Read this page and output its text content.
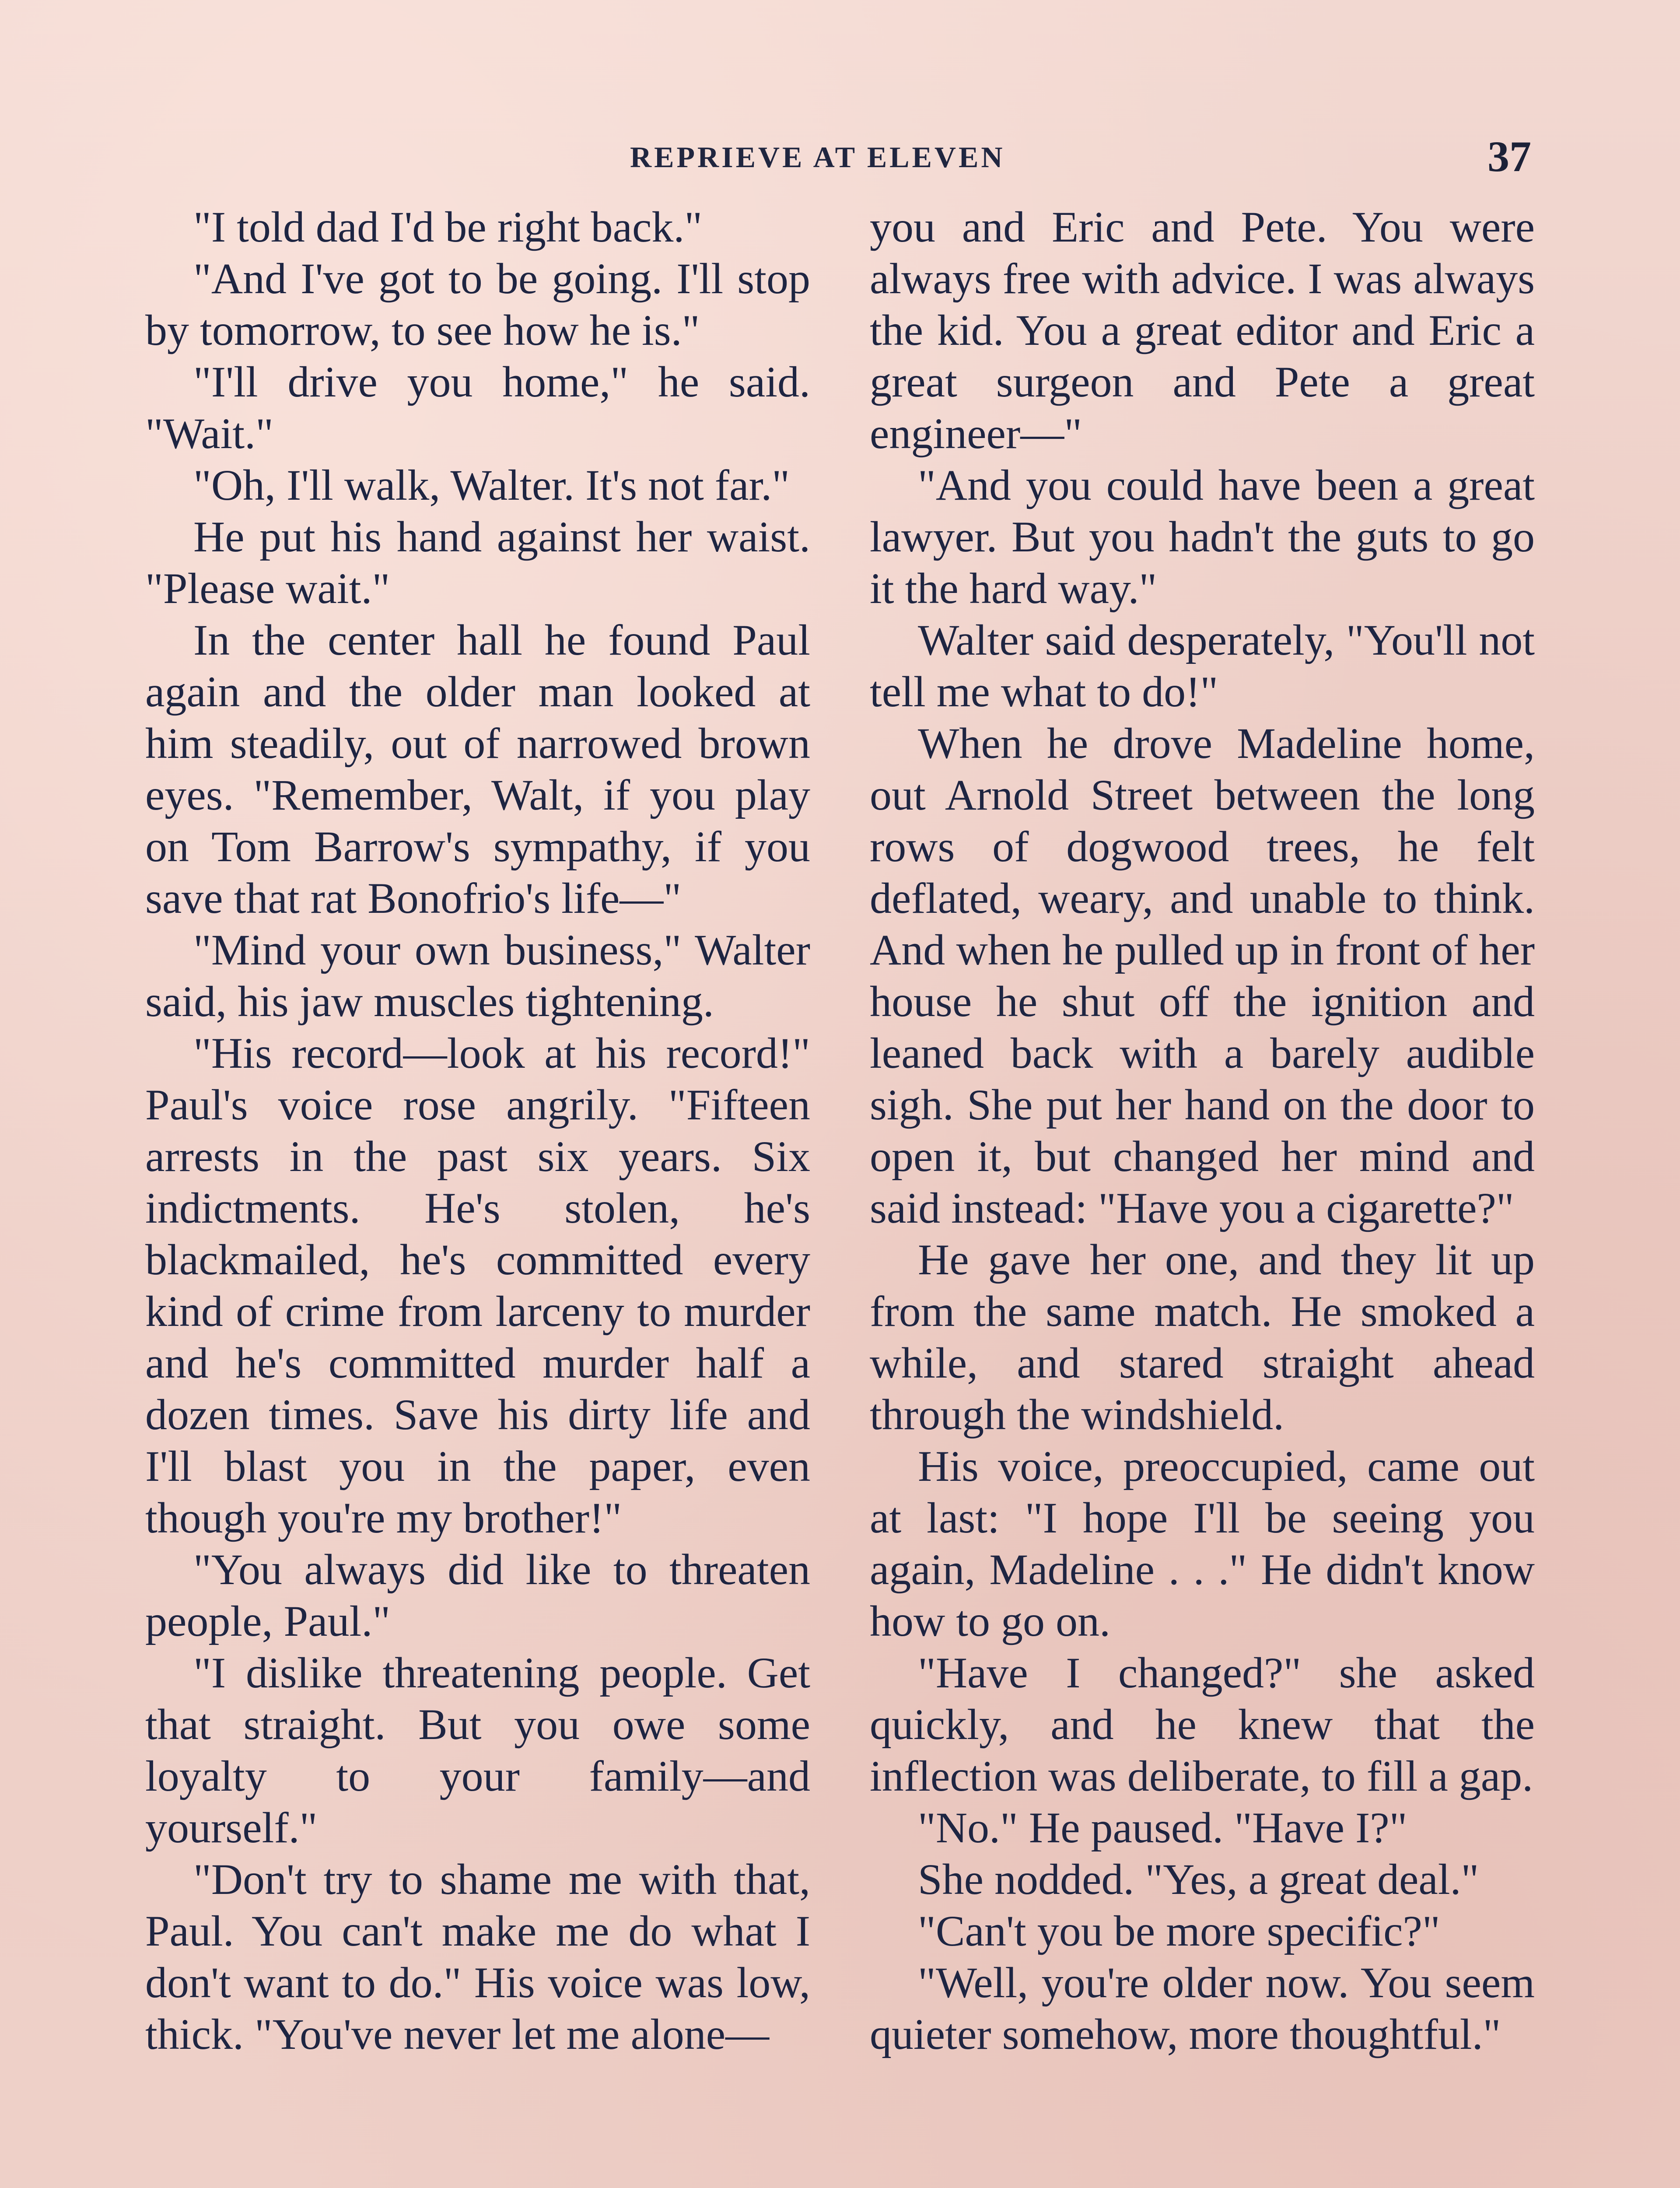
REPRIEVE AT ELEVEN	37

"I told dad I'd be right back."

"And I've got to be going. I'll stop by tomorrow, to see how he is."

"I'll drive you home," he said. "Wait."

"Oh, I'll walk, Walter. It's not far."

He put his hand against her waist. "Please wait."

In the center hall he found Paul again and the older man looked at him steadily, out of narrowed brown eyes. "Remember, Walt, if you play on Tom Barrow's sympathy, if you save that rat Bonofrio's life—"

"Mind your own business," Walter said, his jaw muscles tightening.

"His record—look at his record!" Paul's voice rose angrily. "Fifteen arrests in the past six years. Six indictments. He's stolen, he's blackmailed, he's committed every kind of crime from larceny to murder and he's committed murder half a dozen times. Save his dirty life and I'll blast you in the paper, even though you're my brother!"

"You always did like to threaten people, Paul."

"I dislike threatening people. Get that straight. But you owe some loyalty to your family—and yourself."

"Don't try to shame me with that, Paul. You can't make me do what I don't want to do." His voice was low, thick. "You've never let me alone—

you and Eric and Pete. You were always free with advice. I was always the kid. You a great editor and Eric a great surgeon and Pete a great engineer—"

"And you could have been a great lawyer. But you hadn't the guts to go it the hard way."

Walter said desperately, "You'll not tell me what to do!"

When he drove Madeline home, out Arnold Street between the long rows of dogwood trees, he felt deflated, weary, and unable to think. And when he pulled up in front of her house he shut off the ignition and leaned back with a barely audible sigh. She put her hand on the door to open it, but changed her mind and said instead: "Have you a cigarette?"

He gave her one, and they lit up from the same match. He smoked a while, and stared straight ahead through the windshield.

His voice, preoccupied, came out at last: "I hope I'll be seeing you again, Madeline . . ." He didn't know how to go on.

"Have I changed?" she asked quickly, and he knew that the inflection was deliberate, to fill a gap.

"No." He paused. "Have I?"

She nodded. "Yes, a great deal."

"Can't you be more specific?"

"Well, you're older now. You seem quieter somehow, more thoughtful."
